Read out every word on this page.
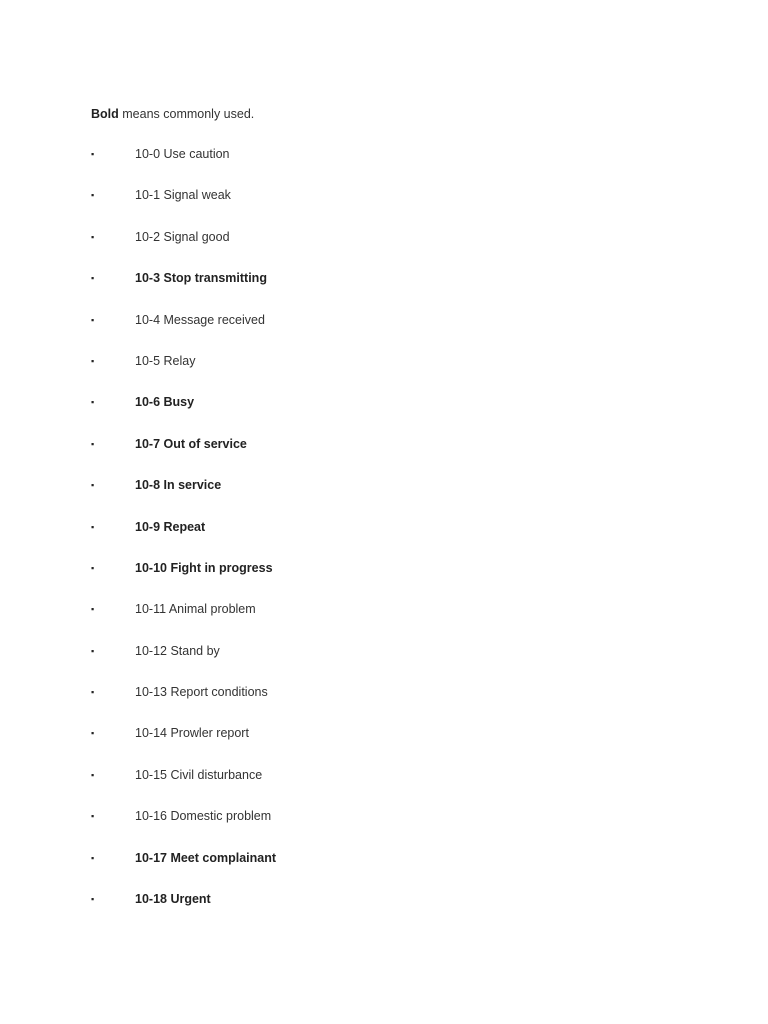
Bold means commonly used.
▪	10-0 Use caution
▪	10-1 Signal weak
▪	10-2 Signal good
▪	10-3 Stop transmitting
▪	10-4 Message received
▪	10-5 Relay
▪	10-6 Busy
▪	10-7 Out of service
▪	10-8 In service
▪	10-9 Repeat
▪	10-10 Fight in progress
▪	10-11 Animal problem
▪	10-12 Stand by
▪	10-13 Report conditions
▪	10-14 Prowler report
▪	10-15 Civil disturbance
▪	10-16 Domestic problem
▪	10-17 Meet complainant
▪	10-18 Urgent
